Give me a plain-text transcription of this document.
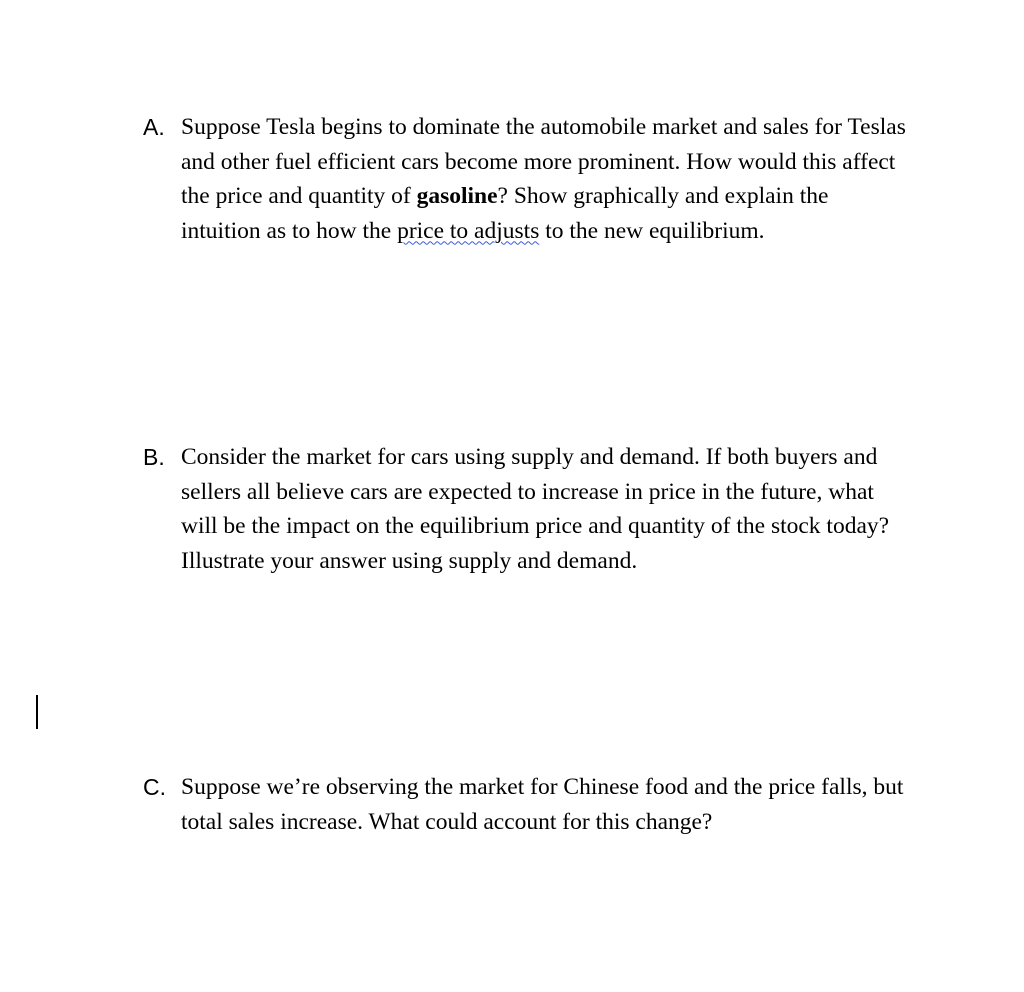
A. Suppose Tesla begins to dominate the automobile market and sales for Teslas
and other fuel efficient cars become more prominent. How would this affect
the price and quantity of gasoline? Show graphically and explain the
intuition as to how the price to adjusts to the new equilibrium.
B. Consider the market for cars using supply and demand. If both buyers and
sellers all believe cars are expected to increase in price in the future, what
will be the impact on the equilibrium price and quantity of the stock today?
Illustrate your answer using supply and demand.
C. Suppose we’re observing the market for Chinese food and the price falls, but
total sales increase. What could account for this change?
